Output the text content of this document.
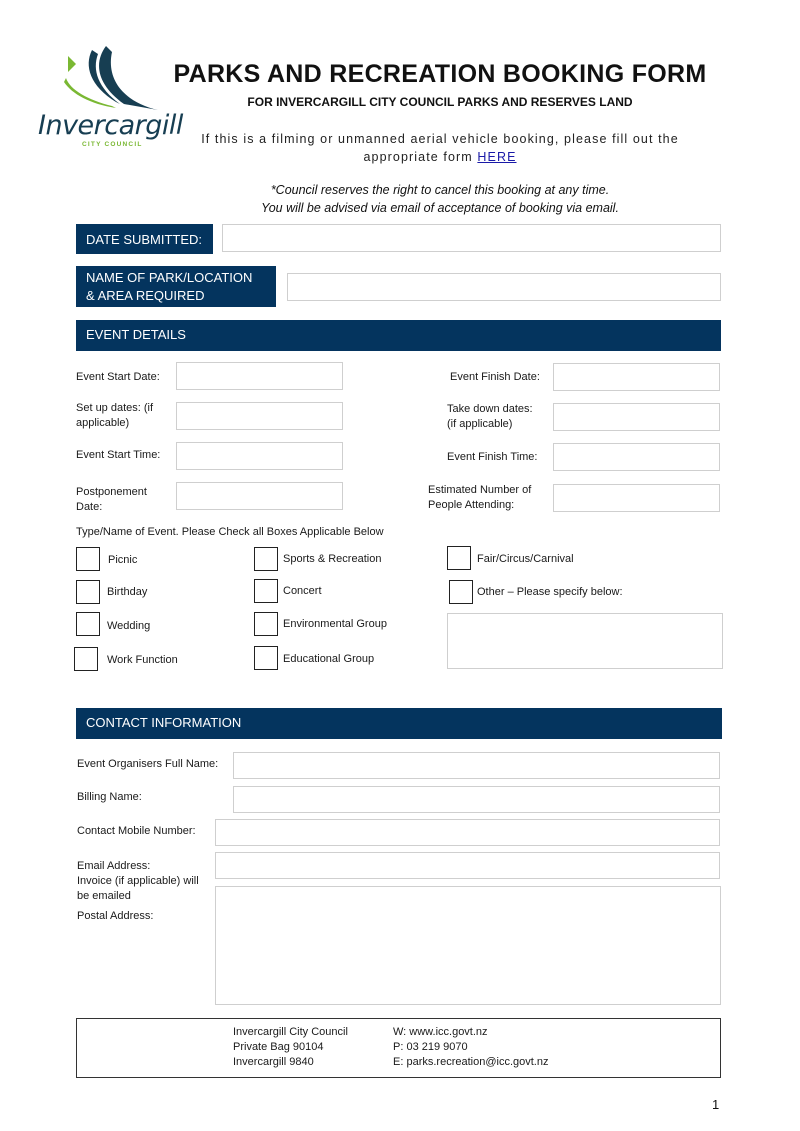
Invercargill
CITY COUNCIL
PARKS AND RECREATION BOOKING FORM
FOR INVERCARGILL CITY COUNCIL PARKS AND RESERVES LAND
If this is a filming or unmanned aerial vehicle booking, please fill out the
appropriate form HERE
*Council reserves the right to cancel this booking at any time.
You will be advised via email of acceptance of booking via email.
DATE SUBMITTED:
NAME OF PARK/LOCATION
& AREA REQUIRED
EVENT DETAILS
Event Start Date:
Set up dates: (if
applicable)
Event Start Time:
Postponement
Date:
Event Finish Date:
Take down dates:
(if applicable)
Event Finish Time:
Estimated Number of
People Attending:
Type/Name of Event. Please Check all Boxes Applicable Below
Picnic
Birthday
Wedding
Work Function
Sports & Recreation
Concert
Environmental Group
Educational Group
Fair/Circus/Carnival
Other – Please specify below:
CONTACT INFORMATION
Event Organisers Full Name:
Billing Name:
Contact Mobile Number:
Email Address:
Invoice (if applicable) will
be emailed
Postal Address:
Invercargill City Council
Private Bag 90104
Invercargill 9840
W: www.icc.govt.nz
P: 03 219 9070
E: parks.recreation@icc.govt.nz
1
